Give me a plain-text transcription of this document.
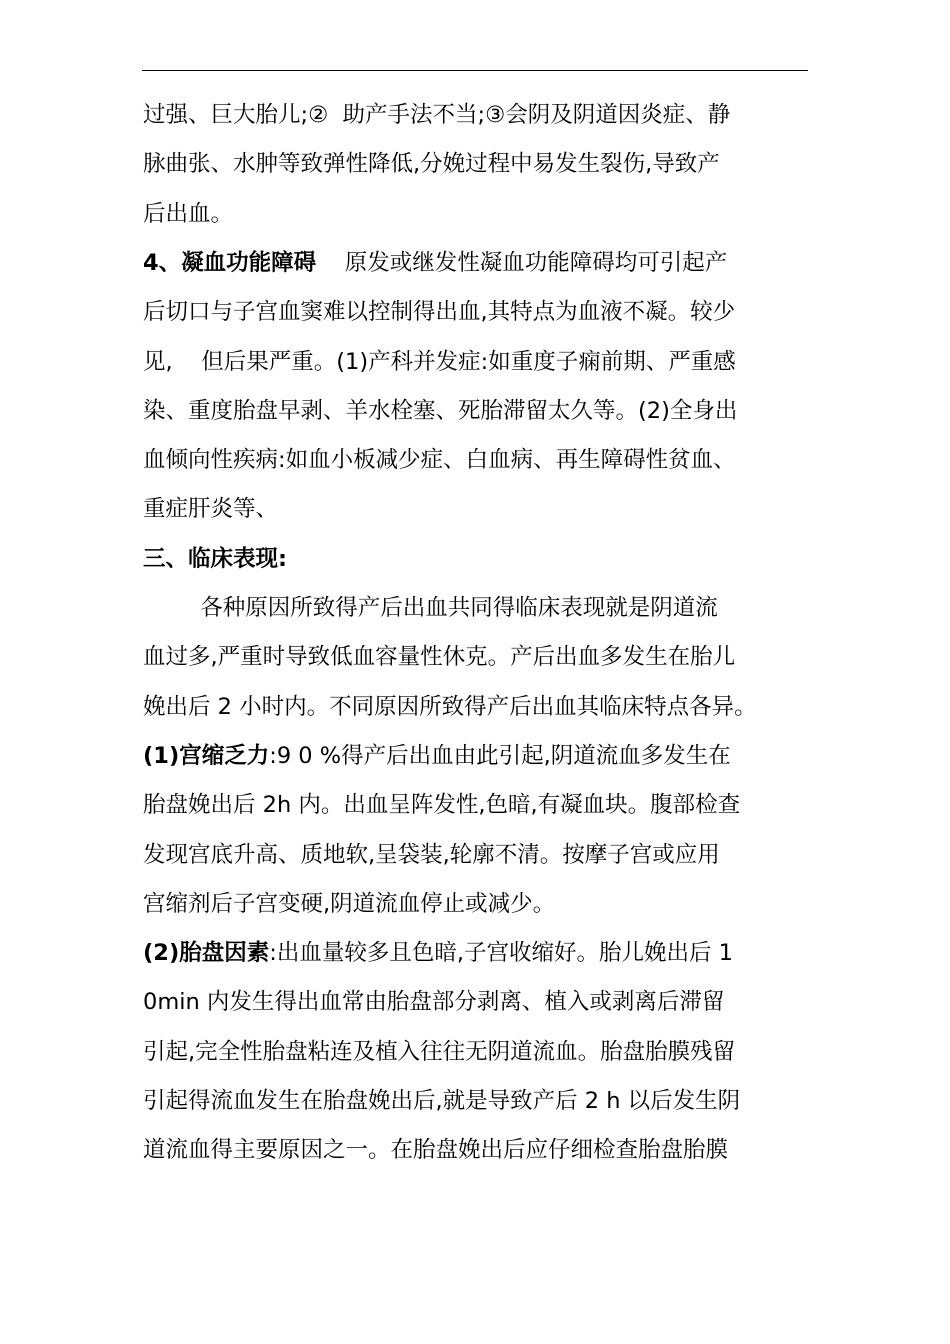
过强、巨大胎儿;②  助产手法不当;③会阴及阴道因炎症、静
脉曲张、水肿等致弹性降低,分娩过程中易发生裂伤,导致产
后出血。
4、凝血功能障碍    原发或继发性凝血功能障碍均可引起产
后切口与子宫血窦难以控制得出血,其特点为血液不凝。较少
见,    但后果严重。(1)产科并发症:如重度子痫前期、严重感
染、重度胎盘早剥、羊水栓塞、死胎滞留太久等。(2)全身出
血倾向性疾病:如血小板减少症、白血病、再生障碍性贫血、
重症肝炎等、
三、临床表现:
各种原因所致得产后出血共同得临床表现就是阴道流
血过多,严重时导致低血容量性休克。产后出血多发生在胎儿
娩出后 2 小时内。不同原因所致得产后出血其临床特点各异。
(1)宫缩乏力:9 0 %得产后出血由此引起,阴道流血多发生在
胎盘娩出后 2h 内。出血呈阵发性,色暗,有凝血块。腹部检查
发现宫底升高、质地软,呈袋装,轮廓不清。按摩子宫或应用
宫缩剂后子宫变硬,阴道流血停止或减少。
(2)胎盘因素:出血量较多且色暗,子宫收缩好。胎儿娩出后 1
0min 内发生得出血常由胎盘部分剥离、植入或剥离后滞留
引起,完全性胎盘粘连及植入往往无阴道流血。胎盘胎膜残留
引起得流血发生在胎盘娩出后,就是导致产后 2 h 以后发生阴
道流血得主要原因之一。在胎盘娩出后应仔细检查胎盘胎膜
